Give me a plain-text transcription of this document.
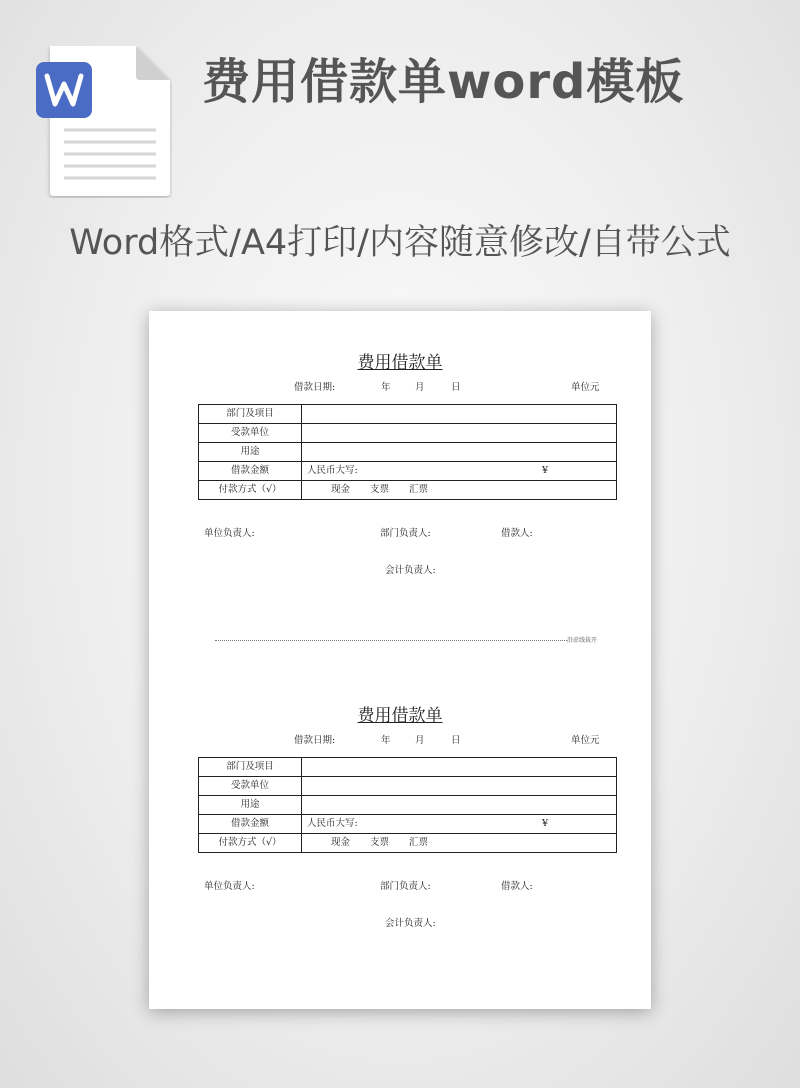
费用借款单word模板
Word格式/A4打印/内容随意修改/自带公式
费用借款单
借款日期:	年	月	日	单位元
部门及项目	
受款单位	
用途	
借款金额	人民币大写: ¥

付款方式（√）	现金 支票 汇票
单位负责人:	部门负责人:	借款人:
会计负责人:
沿虚线裁开
费用借款单
借款日期:	年	月	日	单位元
部门及项目	
受款单位	
用途	
借款金额	人民币大写: ¥

付款方式（√）	现金 支票 汇票
单位负责人:	部门负责人:	借款人:
会计负责人:
